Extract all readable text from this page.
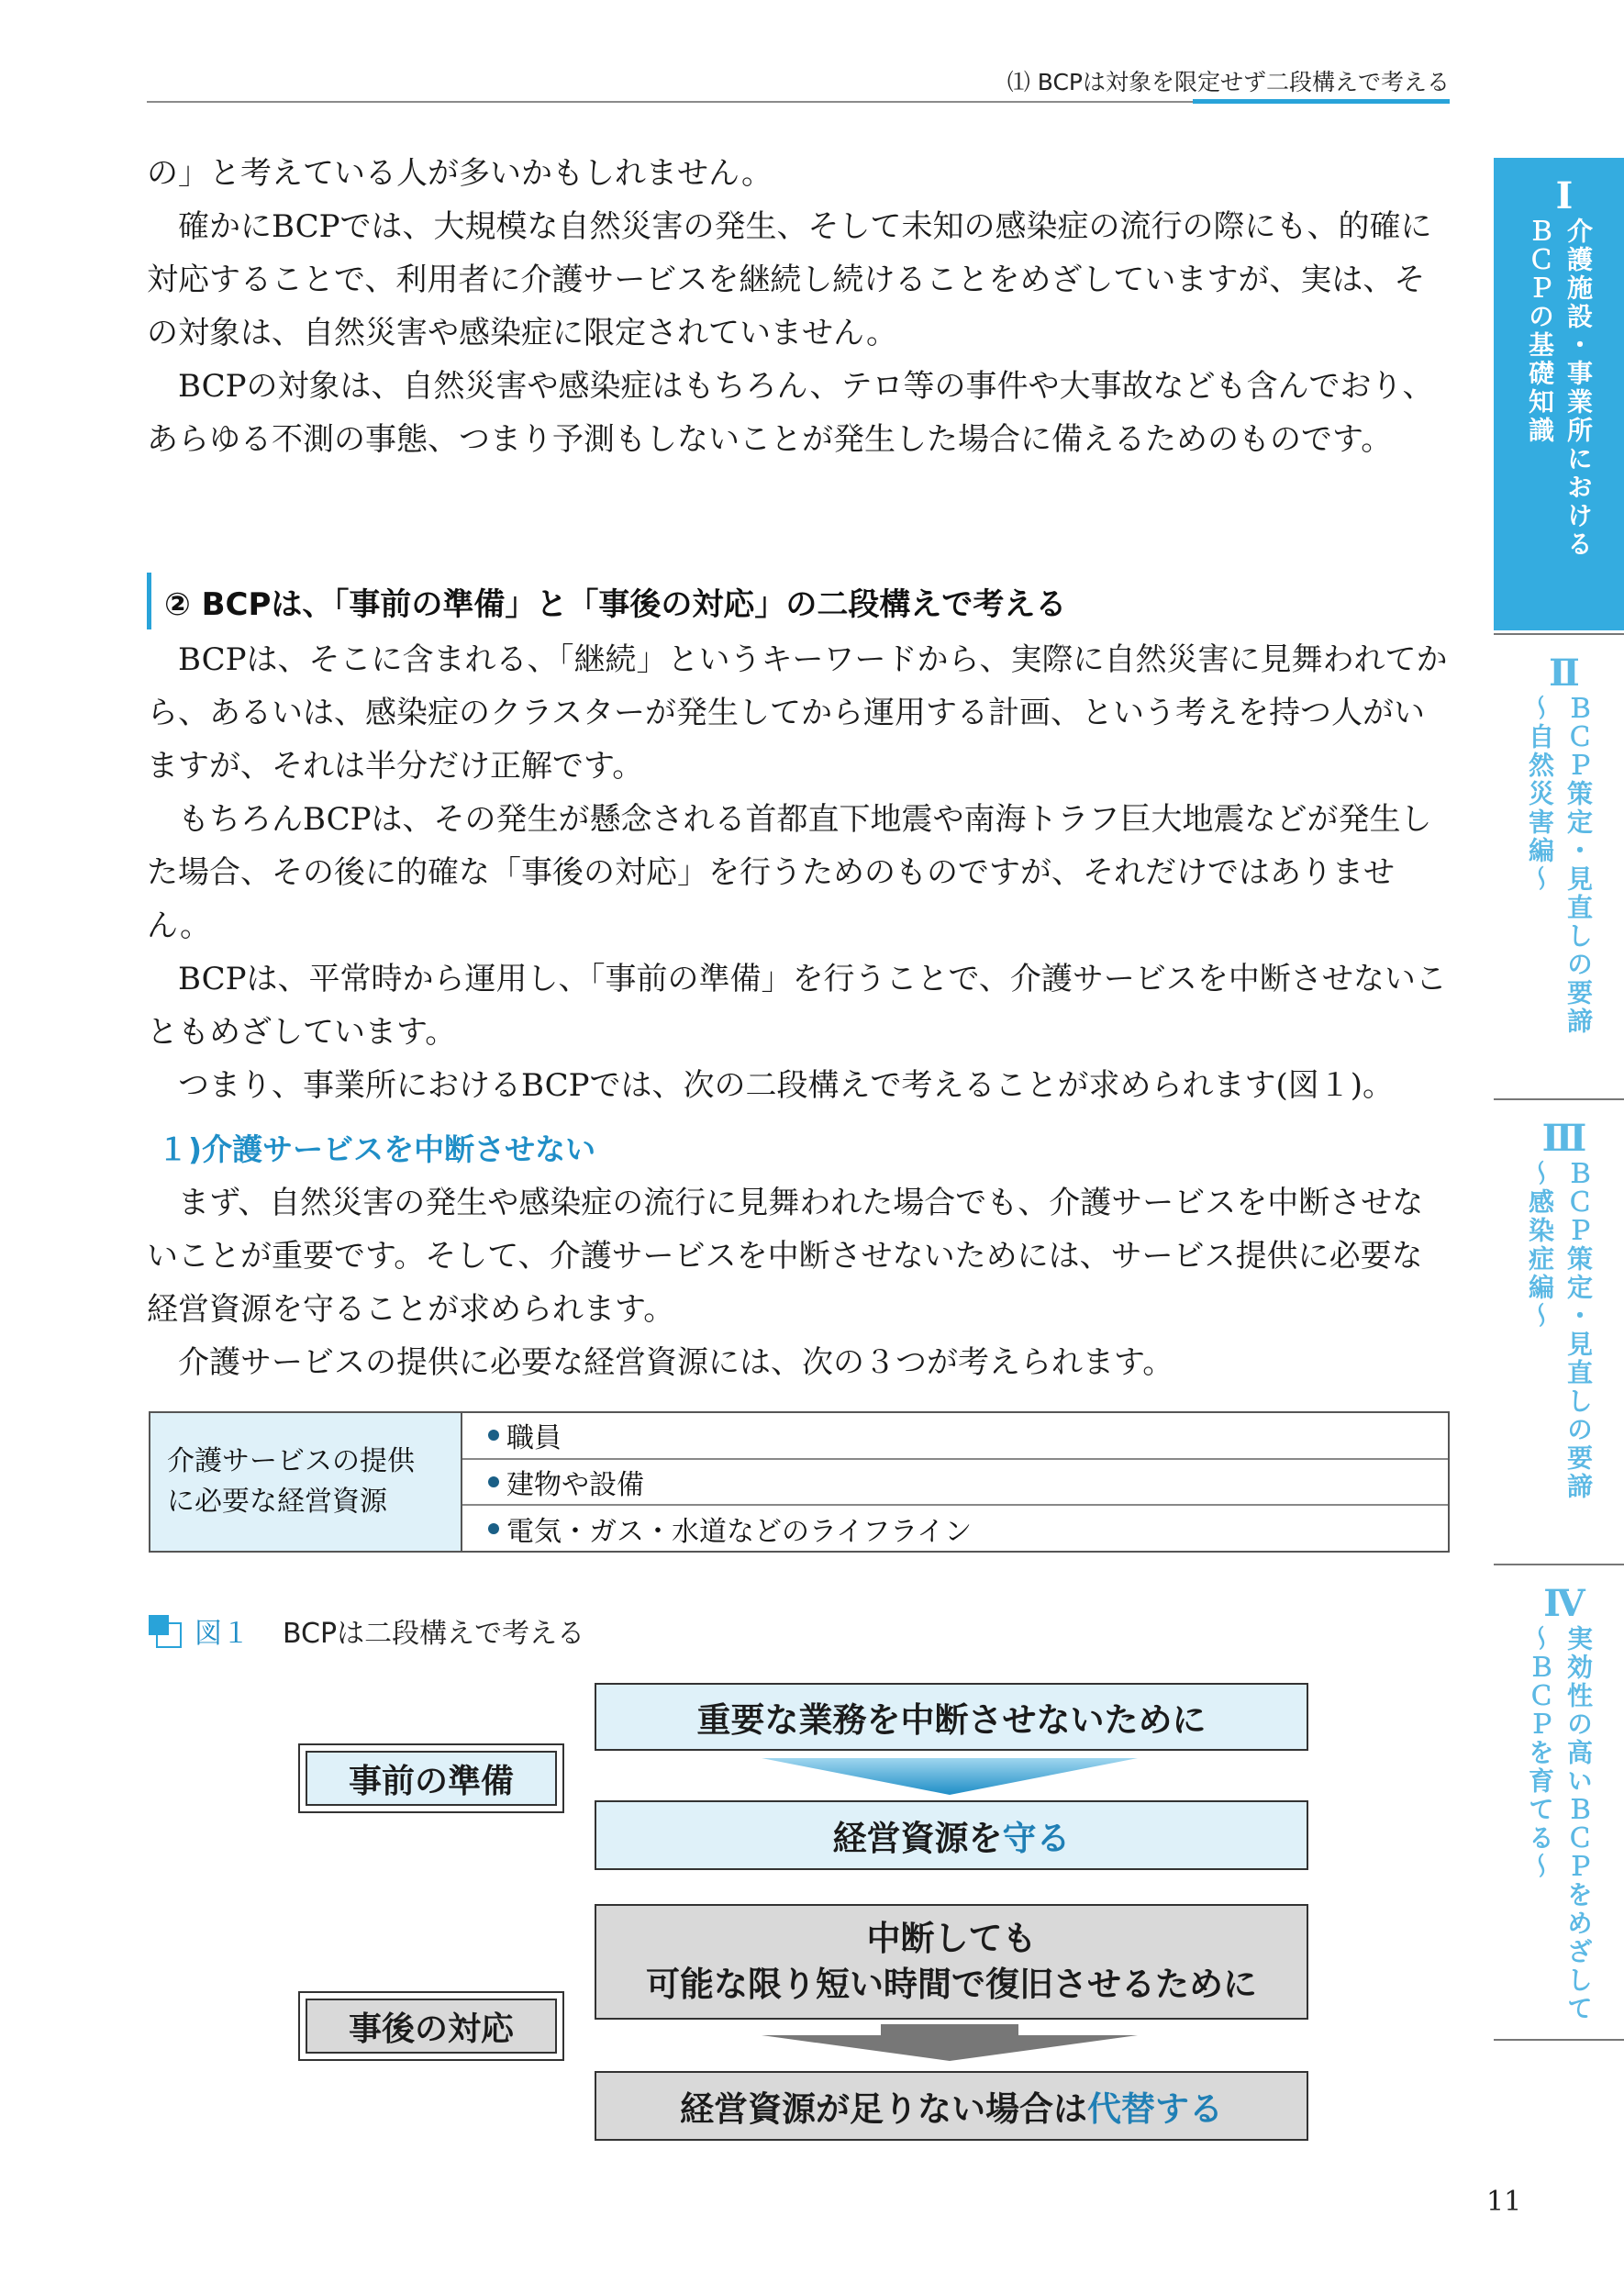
⑴ BCPは対象を限定せず二段構えで考える

の」と考えている人が多いかもしれません。

確かにBCPでは、大規模な自然災害の発生、そして未知の感染症の流行の際にも、的確に対応することで、利用者に介護サービスを継続し続けることをめざしていますが、実は、その対象は、自然災害や感染症に限定されていません。

BCPの対象は、自然災害や感染症はもちろん、テロ等の事件や大事故なども含んでおり、あらゆる不測の事態、つまり予測もしないことが発生した場合に備えるためのものです。

② BCPは、「事前の準備」と「事後の対応」の二段構えで考える

BCPは、そこに含まれる、「継続」というキーワードから、実際に自然災害に見舞われてから、あるいは、感染症のクラスターが発生してから運用する計画、という考えを持つ人がいますが、それは半分だけ正解です。

もちろんBCPは、その発生が懸念される首都直下地震や南海トラフ巨大地震などが発生した場合、その後に的確な「事後の対応」を行うためのものですが、それだけではありません。

BCPは、平常時から運用し、「事前の準備」を行うことで、介護サービスを中断させないこともめざしています。

つまり、事業所におけるBCPでは、次の二段構えで考えることが求められます(図１)。

１)介護サービスを中断させない

まず、自然災害の発生や感染症の流行に見舞われた場合でも、介護サービスを中断させないことが重要です。そして、介護サービスを中断させないためには、サービス提供に必要な経営資源を守ることが求められます。

介護サービスの提供に必要な経営資源には、次の３つが考えられます。

介護サービスの提供
に必要な経営資源
職員
建物や設備
電気・ガス・水道などのライフライン
図１ BCPは二段構えで考える
事前の準備
事後の対応
重要な業務を中断させないために
経営資源を 守る
中断しても
可能な限り短い時間で復旧させるために
経営資源が足りない場合は 代替する
Ⅰ
介護施設・事業所における
ＢＣＰの基礎知識
Ⅱ
ＢＣＰ策定・見直しの要諦
～自然災害編～
Ⅲ
ＢＣＰ策定・見直しの要諦
～感染症編～
Ⅳ
実効性の高いＢＣＰをめざして
～ＢＣＰを育てる～
11
